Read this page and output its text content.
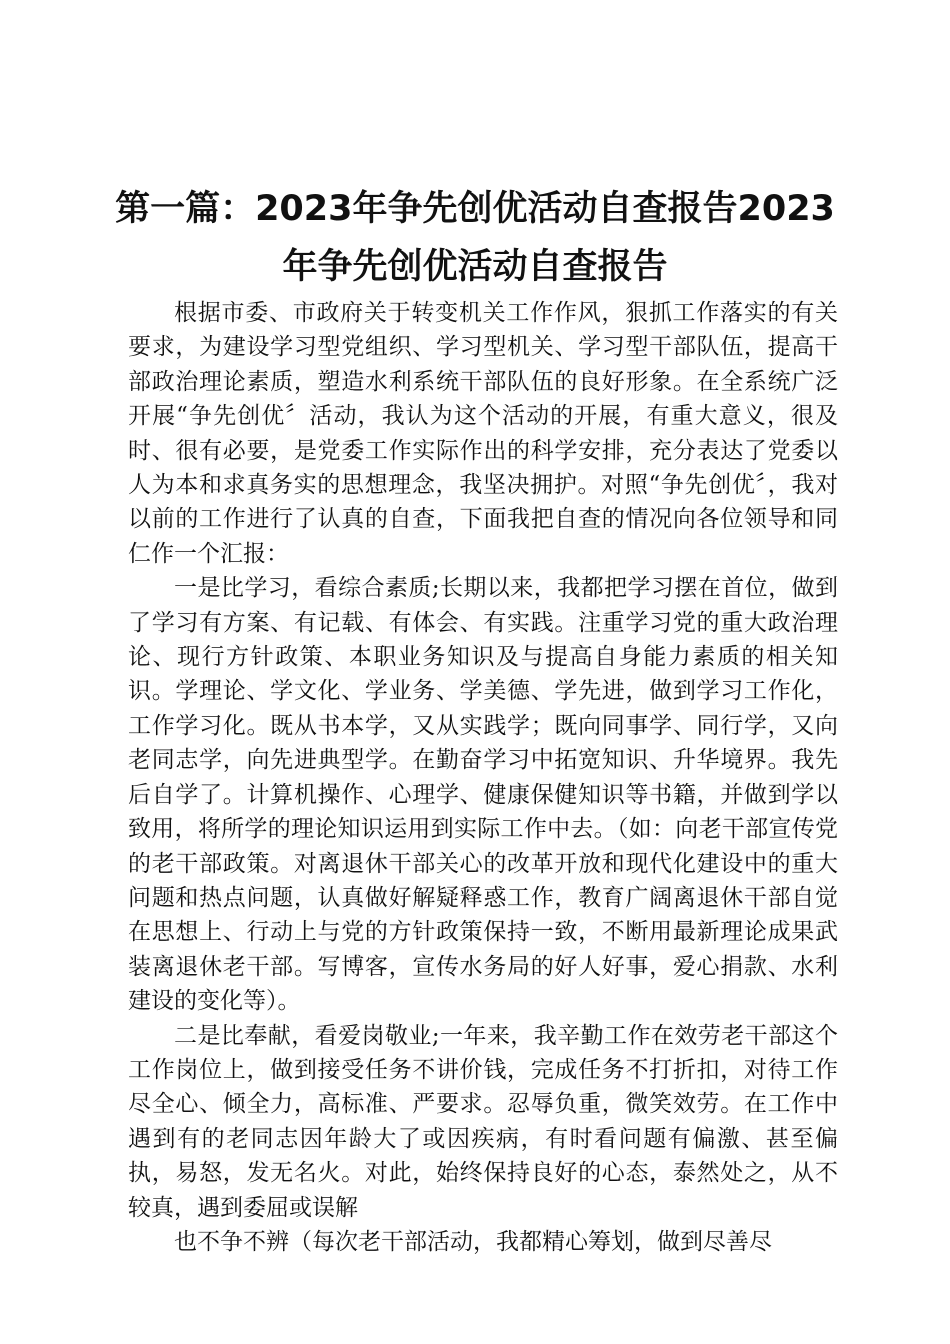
第一篇：2023年争先创优活动自查报告2023年争先创优活动自查报告

根据市委、市政府关于转变机关工作作风，狠抓工作落实的有关要求，为建设学习型党组织、学习型机关、学习型干部队伍，提高干部政治理论素质，塑造水利系统干部队伍的良好形象。在全系统广泛开展“争先创优〞活动，我认为这个活动的开展，有重大意义，很及时、很有必要，是党委工作实际作出的科学安排，充分表达了党委以人为本和求真务实的思想理念，我坚决拥护。对照“争先创优〞，我对以前的工作进行了认真的自查，下面我把自查的情况向各位领导和同仁作一个汇报：

一是比学习，看综合素质;长期以来，我都把学习摆在首位，做到了学习有方案、有记载、有体会、有实践。注重学习党的重大政治理论、现行方针政策、本职业务知识及与提高自身能力素质的相关知识。学理论、学文化、学业务、学美德、学先进，做到学习工作化，工作学习化。既从书本学，又从实践学；既向同事学、同行学，又向老同志学，向先进典型学。在勤奋学习中拓宽知识、升华境界。我先后自学了。计算机操作、心理学、健康保健知识等书籍，并做到学以致用，将所学的理论知识运用到实际工作中去。（如：向老干部宣传党的老干部政策。对离退休干部关心的改革开放和现代化建设中的重大问题和热点问题，认真做好解疑释惑工作，教育广阔离退休干部自觉在思想上、行动上与党的方针政策保持一致，不断用最新理论成果武装离退休老干部。写博客，宣传水务局的好人好事，爱心捐款、水利建设的变化等）。

二是比奉献，看爱岗敬业;一年来，我辛勤工作在效劳老干部这个工作岗位上，做到接受任务不讲价钱，完成任务不打折扣，对待工作尽全心、倾全力，高标准、严要求。忍辱负重，微笑效劳。在工作中遇到有的老同志因年龄大了或因疾病，有时看问题有偏激、甚至偏执，易怒，发无名火。对此，始终保持良好的心态，泰然处之，从不较真，遇到委屈或误解

也不争不辨（每次老干部活动，我都精心筹划，做到尽善尽
